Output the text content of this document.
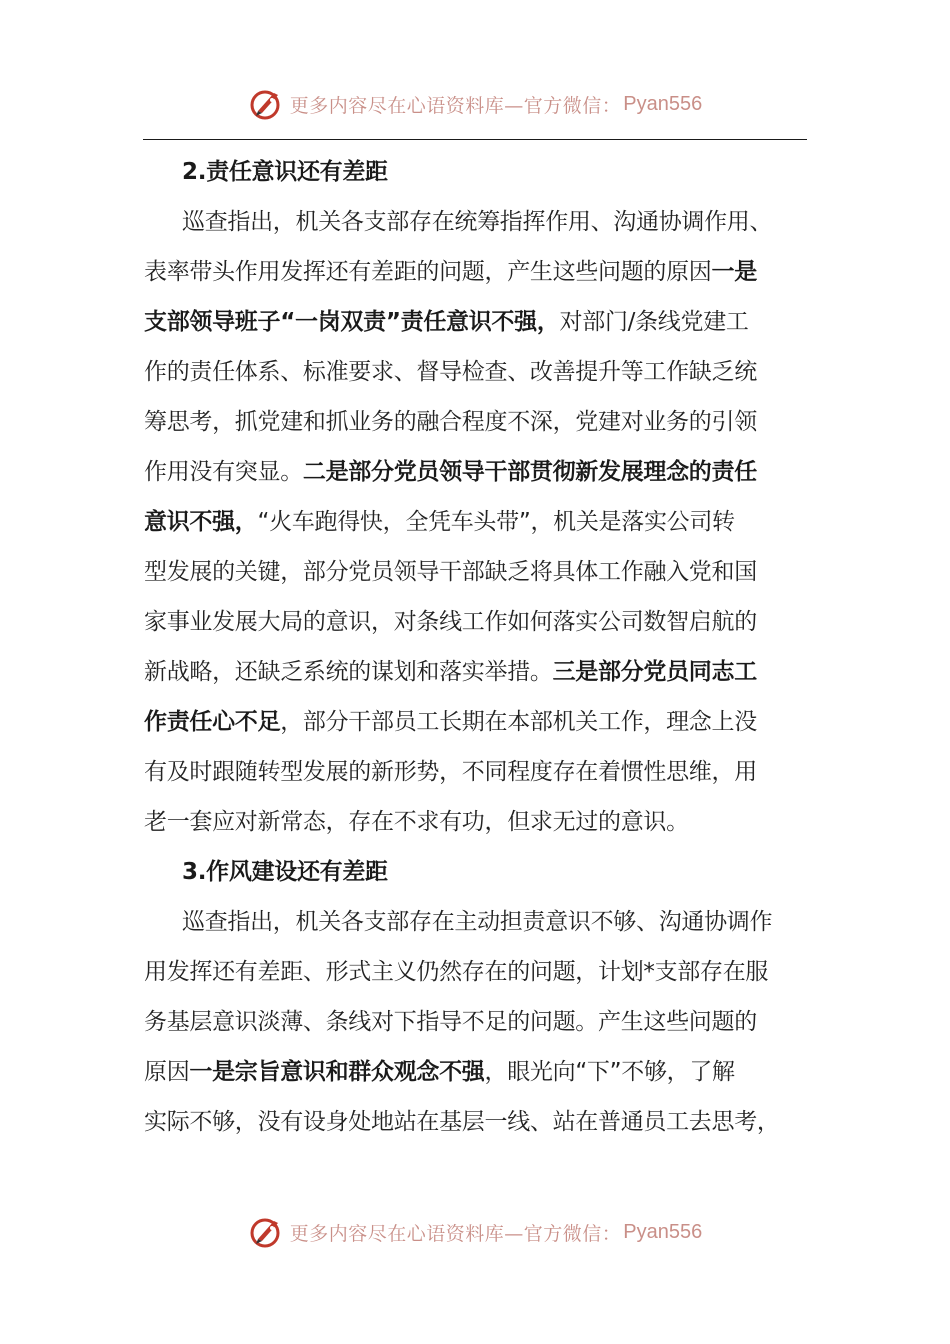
更多内容尽在心语资料库—官方微信： Pyan556
2.责任意识还有差距
巡查指出，机关各支部存在统筹指挥作用、沟通协调作用、
表率带头作用发挥还有差距的问题，产生这些问题的原因一是
支部领导班子“一岗双责”责任意识不强，对部门/条线党建工
作的责任体系、标准要求、督导检查、改善提升等工作缺乏统
筹思考，抓党建和抓业务的融合程度不深，党建对业务的引领
作用没有突显。二是部分党员领导干部贯彻新发展理念的责任
意识不强，“火车跑得快，全凭车头带”，机关是落实公司转
型发展的关键，部分党员领导干部缺乏将具体工作融入党和国
家事业发展大局的意识，对条线工作如何落实公司数智启航的
新战略，还缺乏系统的谋划和落实举措。三是部分党员同志工
作责任心不足，部分干部员工长期在本部机关工作，理念上没
有及时跟随转型发展的新形势，不同程度存在着惯性思维，用
老一套应对新常态，存在不求有功，但求无过的意识。
3.作风建设还有差距
巡查指出，机关各支部存在主动担责意识不够、沟通协调作
用发挥还有差距、形式主义仍然存在的问题，计划*支部存在服
务基层意识淡薄、条线对下指导不足的问题。产生这些问题的
原因一是宗旨意识和群众观念不强，眼光向“下”不够，了解
实际不够，没有设身处地站在基层一线、站在普通员工去思考，
更多内容尽在心语资料库—官方微信： Pyan556
